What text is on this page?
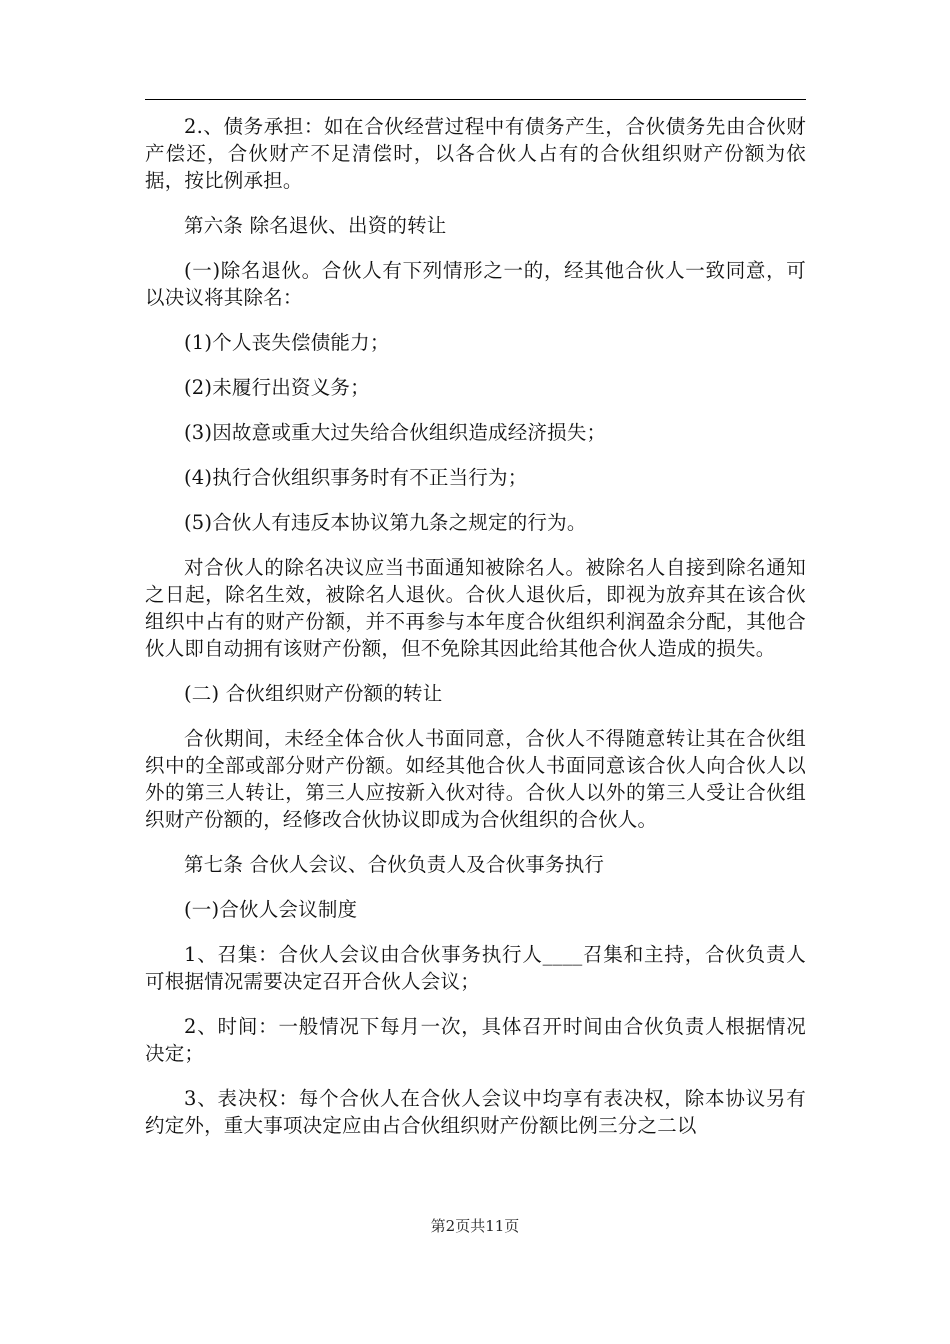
2.、债务承担：如在合伙经营过程中有债务产生，合伙债务先由合伙财产偿还，合伙财产不足清偿时，以各合伙人占有的合伙组织财产份额为依据，按比例承担。

第六条 除名退伙、出资的转让

(一)除名退伙。合伙人有下列情形之一的，经其他合伙人一致同意，可以决议将其除名：

(1)个人丧失偿债能力；

(2)未履行出资义务；

(3)因故意或重大过失给合伙组织造成经济损失；

(4)执行合伙组织事务时有不正当行为；

(5)合伙人有违反本协议第九条之规定的行为。

对合伙人的除名决议应当书面通知被除名人。被除名人自接到除名通知之日起，除名生效，被除名人退伙。合伙人退伙后，即视为放弃其在该合伙组织中占有的财产份额，并不再参与本年度合伙组织利润盈余分配，其他合伙人即自动拥有该财产份额，但不免除其因此给其他合伙人造成的损失。

(二) 合伙组织财产份额的转让

合伙期间，未经全体合伙人书面同意，合伙人不得随意转让其在合伙组织中的全部或部分财产份额。如经其他合伙人书面同意该合伙人向合伙人以外的第三人转让，第三人应按新入伙对待。合伙人以外的第三人受让合伙组织财产份额的，经修改合伙协议即成为合伙组织的合伙人。

第七条 合伙人会议、合伙负责人及合伙事务执行

(一)合伙人会议制度

1、召集：合伙人会议由合伙事务执行人____召集和主持，合伙负责人可根据情况需要决定召开合伙人会议；

2、时间：一般情况下每月一次，具体召开时间由合伙负责人根据情况决定；

3、表决权：每个合伙人在合伙人会议中均享有表决权，除本协议另有约定外，重大事项决定应由占合伙组织财产份额比例三分之二以

第2页共11页
